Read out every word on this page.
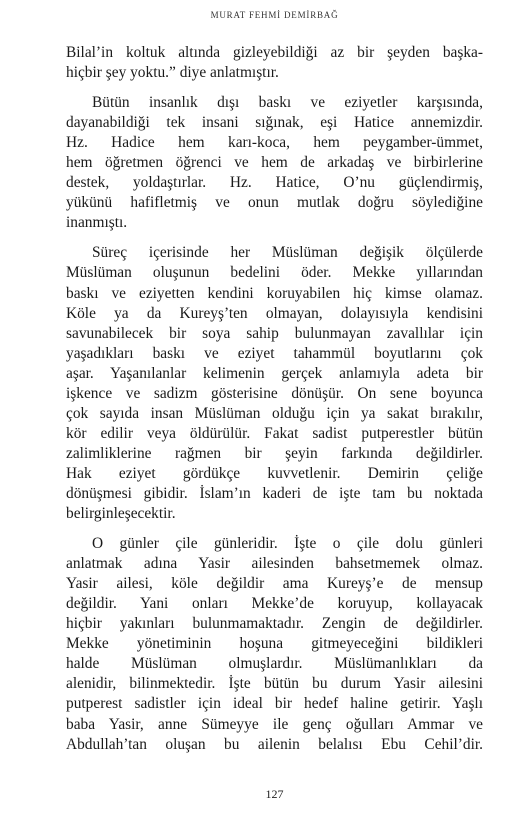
MURAT FEHMİ DEMİRBAĞ
Bilal’in koltuk altında gizleyebildiği az bir şeyden başka-
hiçbir şey yoktu.” diye anlatmıştır.
Bütün insanlık dışı baskı ve eziyetler karşısında,
dayanabildiği tek insani sığınak, eşi Hatice annemizdir.
Hz. Hadice hem karı-koca, hem peygamber-ümmet,
hem öğretmen öğrenci ve hem de arkadaş ve birbirlerine
destek, yoldaştırlar. Hz. Hatice, O’nu güçlendirmiş,
yükünü hafifletmiş ve onun mutlak doğru söylediğine
inanmıştı.
Süreç içerisinde her Müslüman değişik ölçülerde
Müslüman oluşunun bedelini öder. Mekke yıllarından
baskı ve eziyetten kendini koruyabilen hiç kimse olamaz.
Köle ya da Kureyş’ten olmayan, dolayısıyla kendisini
savunabilecek bir soya sahip bulunmayan zavallılar için
yaşadıkları baskı ve eziyet tahammül boyutlarını çok
aşar. Yaşanılanlar kelimenin gerçek anlamıyla adeta bir
işkence ve sadizm gösterisine dönüşür. On sene boyunca
çok sayıda insan Müslüman olduğu için ya sakat bırakılır,
kör edilir veya öldürülür. Fakat sadist putperestler bütün
zalimliklerine rağmen bir şeyin farkında değildirler.
Hak eziyet gördükçe kuvvetlenir. Demirin çeliğe
dönüşmesi gibidir. İslam’ın kaderi de işte tam bu noktada
belirginleşecektir.
O günler çile günleridir. İşte o çile dolu günleri
anlatmak adına Yasir ailesinden bahsetmemek olmaz.
Yasir ailesi, köle değildir ama Kureyş’e de mensup
değildir. Yani onları Mekke’de koruyup, kollayacak
hiçbir yakınları bulunmamaktadır. Zengin de değildirler.
Mekke yönetiminin hoşuna gitmeyeceğini bildikleri
halde Müslüman olmuşlardır. Müslümanlıkları da
alenidir, bilinmektedir. İşte bütün bu durum Yasir ailesini
putperest sadistler için ideal bir hedef haline getirir. Yaşlı
baba Yasir, anne Sümeyye ile genç oğulları Ammar ve
Abdullah’tan oluşan bu ailenin belalısı Ebu Cehil’dir.
127
